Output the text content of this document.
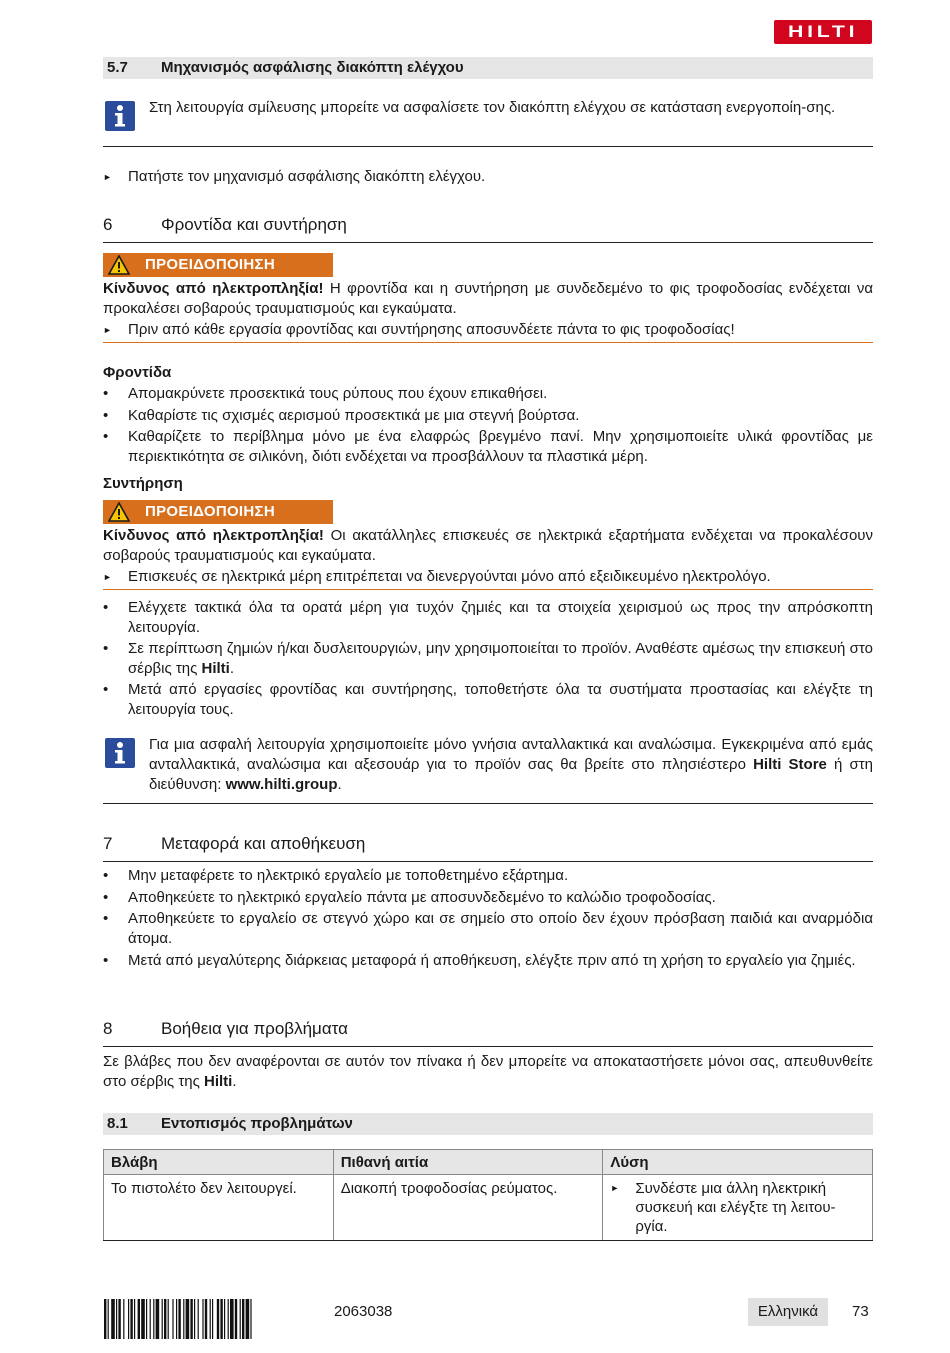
HILTI
5.7 Μηχανισμός ασφάλισης διακόπτη ελέγχου
Στη λειτουργία σμίλευσης μπορείτε να ασφαλίσετε τον διακόπτη ελέγχου σε κατάσταση ενεργοποίη-σης.
►	Πατήστε τον μηχανισμό ασφάλισης διακόπτη ελέγχου.
6	Φροντίδα και συντήρηση

ΠΡΟΕΙΔΟΠΟΙΗΣΗ
Κίνδυνος από ηλεκτροπληξία! Η φροντίδα και η συντήρηση με συνδεδεμένο το φις τροφοδοσίας ενδέχεται να προκαλέσει σοβαρούς τραυματισμούς και εγκαύματα.
►	Πριν από κάθε εργασία φροντίδας και συντήρησης αποσυνδέετε πάντα το φις τροφοδοσίας!
Φροντίδα
•	Απομακρύνετε προσεκτικά τους ρύπους που έχουν επικαθήσει.
•	Καθαρίστε τις σχισμές αερισμού προσεκτικά με μια στεγνή βούρτσα.
•	Καθαρίζετε το περίβλημα μόνο με ένα ελαφρώς βρεγμένο πανί. Μην χρησιμοποιείτε υλικά φροντίδας με περιεκτικότητα σε σιλικόνη, διότι ενδέχεται να προσβάλλουν τα πλαστικά μέρη.
Συντήρηση
ΠΡΟΕΙΔΟΠΟΙΗΣΗ
Κίνδυνος από ηλεκτροπληξία! Οι ακατάλληλες επισκευές σε ηλεκτρικά εξαρτήματα ενδέχεται να προκαλέσουν σοβαρούς τραυματισμούς και εγκαύματα.
►	Επισκευές σε ηλεκτρικά μέρη επιτρέπεται να διενεργούνται μόνο από εξειδικευμένο ηλεκτρολόγο.
•	Ελέγχετε τακτικά όλα τα ορατά μέρη για τυχόν ζημιές και τα στοιχεία χειρισμού ως προς την απρόσκοπτη λειτουργία.
•	Σε περίπτωση ζημιών ή/και δυσλειτουργιών, μην χρησιμοποιείται το προϊόν. Αναθέστε αμέσως την επισκευή στο σέρβις της Hilti.
•	Μετά από εργασίες φροντίδας και συντήρησης, τοποθετήστε όλα τα συστήματα προστασίας και ελέγξτε τη λειτουργία τους.
Για μια ασφαλή λειτουργία χρησιμοποιείτε μόνο γνήσια ανταλλακτικά και αναλώσιμα. Εγκεκριμένα από εμάς ανταλλακτικά, αναλώσιμα και αξεσουάρ για το προϊόν σας θα βρείτε στο πλησιέστερο Hilti Store ή στη διεύθυνση: www.hilti.group.
7	Μεταφορά και αποθήκευση

•	Μην μεταφέρετε το ηλεκτρικό εργαλείο με τοποθετημένο εξάρτημα.
•	Αποθηκεύετε το ηλεκτρικό εργαλείο πάντα με αποσυνδεδεμένο το καλώδιο τροφοδοσίας.
•	Αποθηκεύετε το εργαλείο σε στεγνό χώρο και σε σημείο στο οποίο δεν έχουν πρόσβαση παιδιά και αναρμόδια άτομα.
•	Μετά από μεγαλύτερης διάρκειας μεταφορά ή αποθήκευση, ελέγξτε πριν από τη χρήση το εργαλείο για ζημιές.
8	Βοήθεια για προβλήματα

Σε βλάβες που δεν αναφέρονται σε αυτόν τον πίνακα ή δεν μπορείτε να αποκαταστήσετε μόνοι σας, απευθυνθείτε στο σέρβις της Hilti.
8.1 Εντοπισμός προβλημάτων
Βλάβη	Πιθανή αιτία	Λύση
Το πιστολέτο δεν λειτουργεί.	Διακοπή τροφοδοσίας ρεύματος.	► Συνδέστε μια άλλη ηλεκτρική συσκευή και ελέγξτε τη λειτου-ργία.
2063038	Ελληνικά	73
